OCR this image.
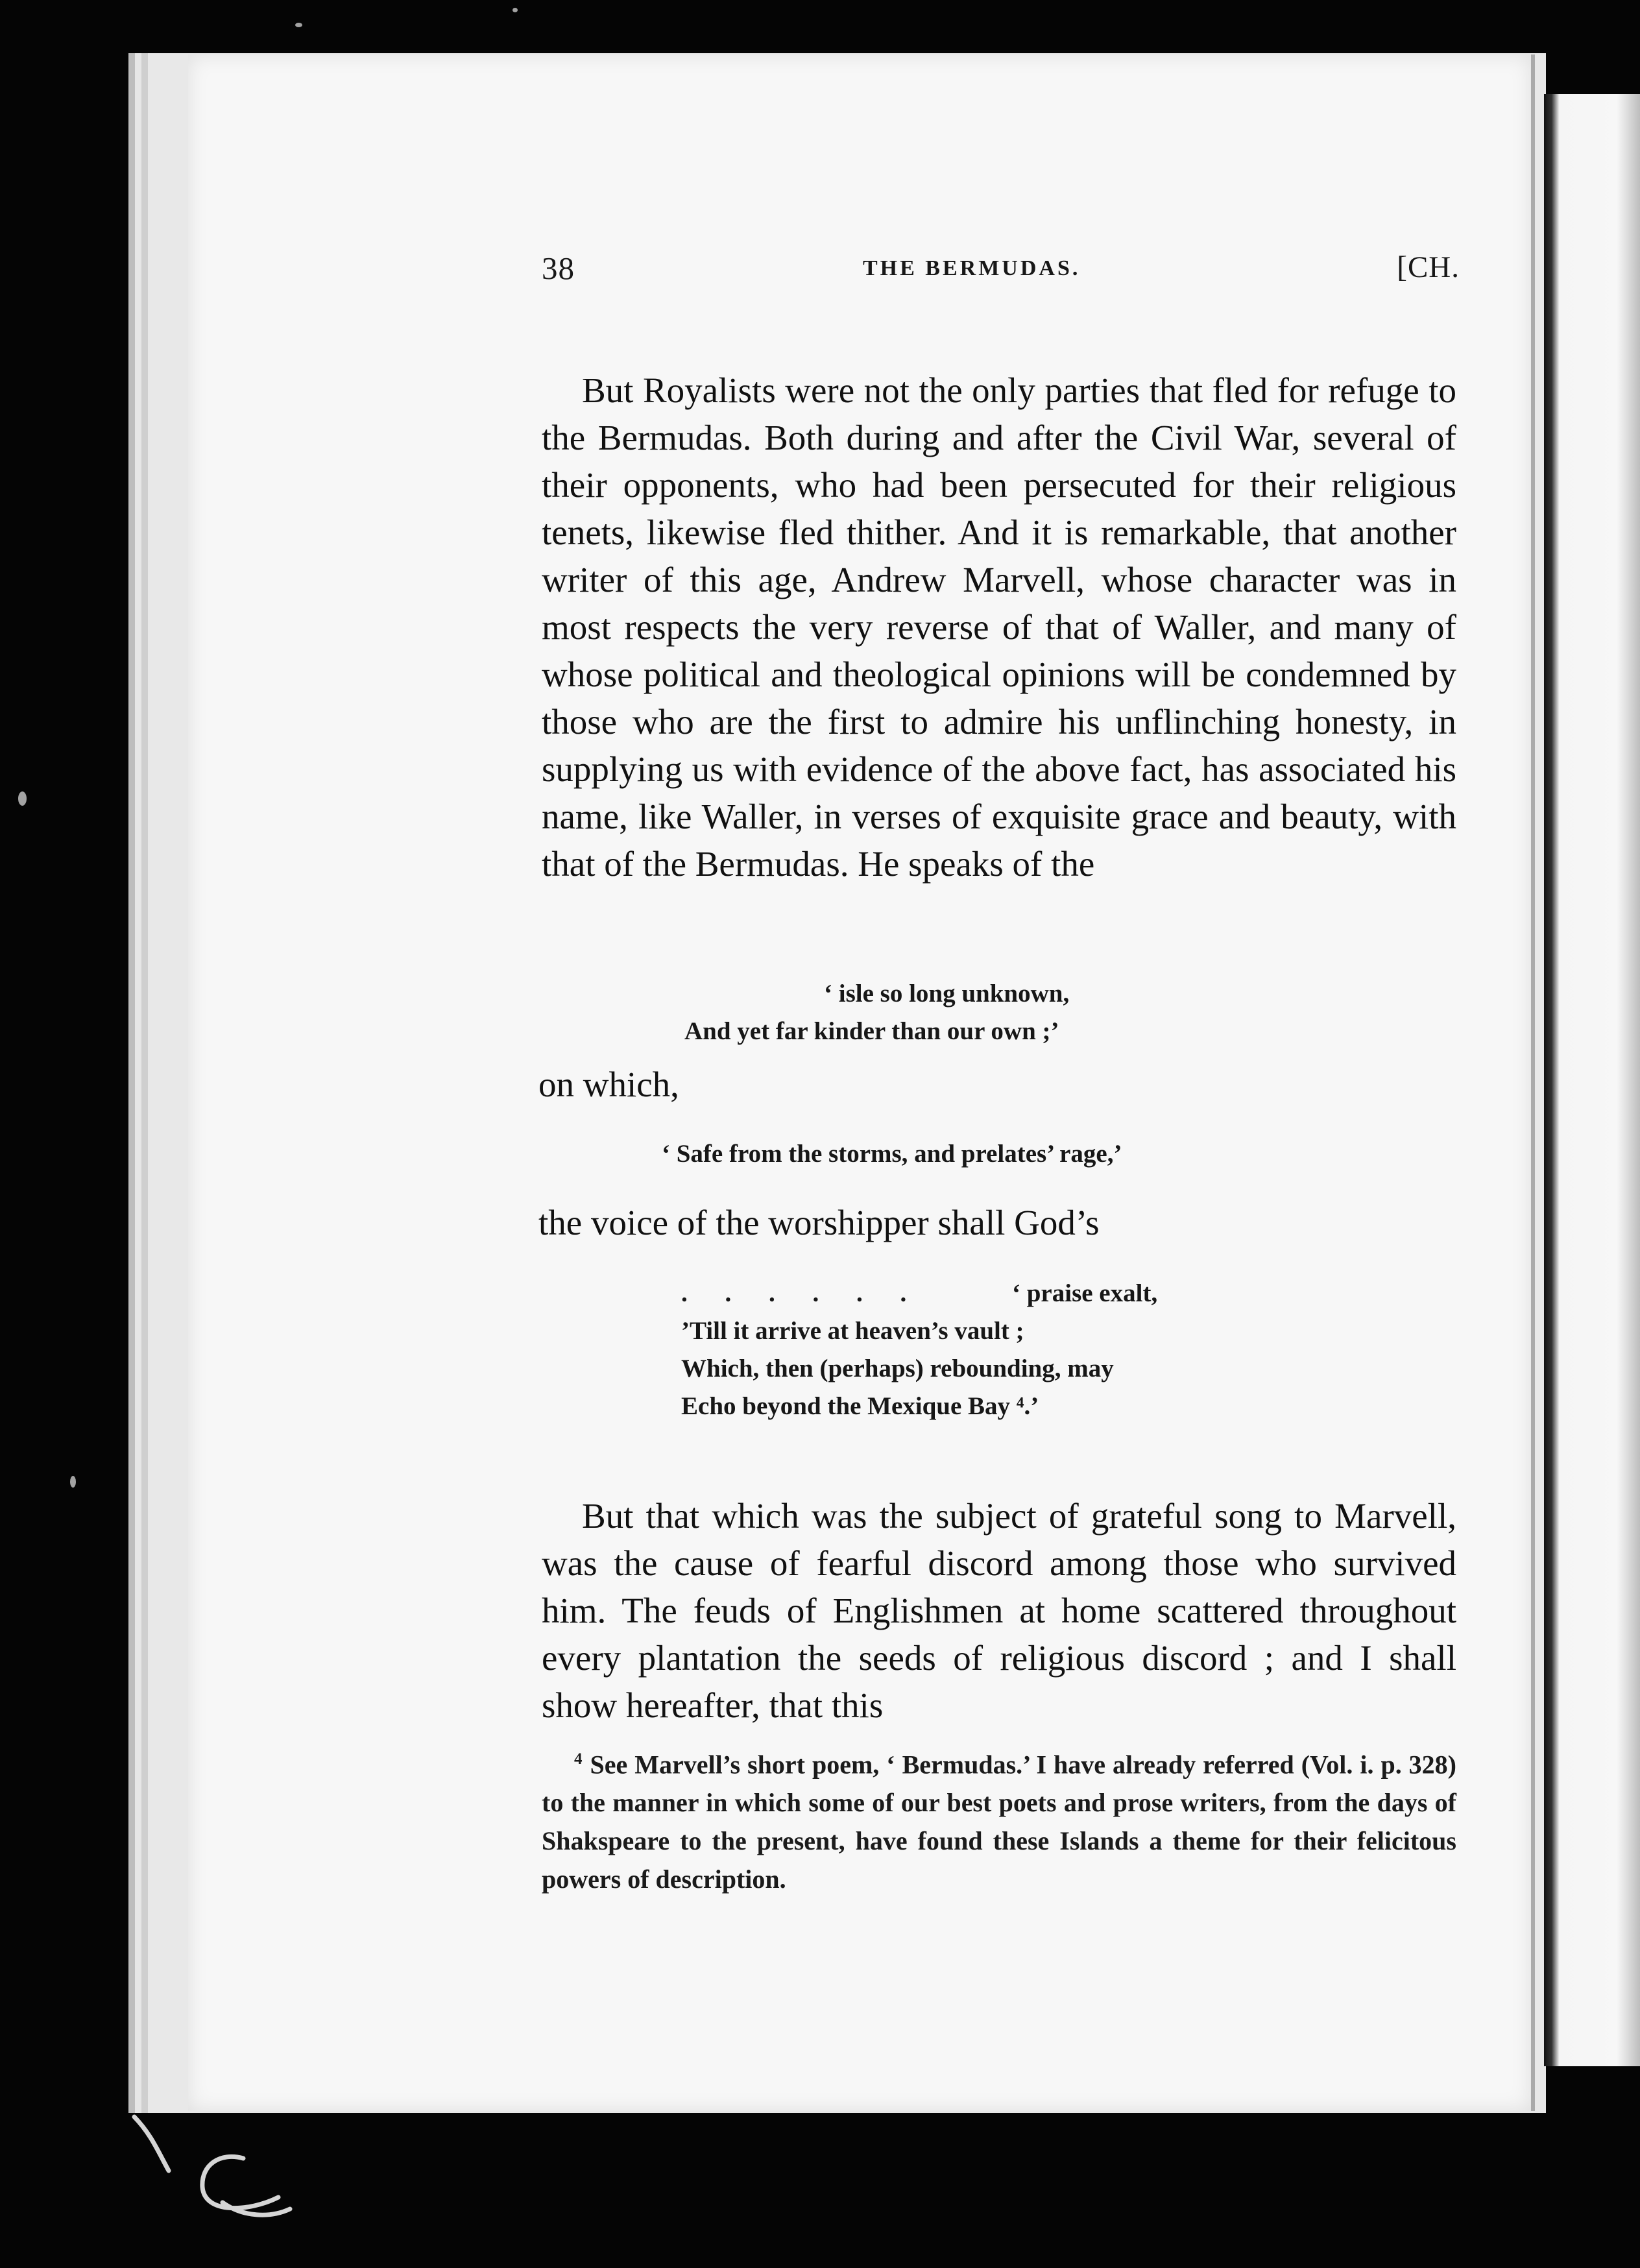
38	THE BERMUDAS.	[CH.

But Royalists were not the only parties that fled for refuge to the Bermudas. Both during and after the Civil War, several of their opponents, who had been persecuted for their religious tenets, likewise fled thither. And it is remarkable, that another writer of this age, Andrew Marvell, whose character was in most respects the very reverse of that of Waller, and many of whose political and theological opinions will be condemned by those who are the first to admire his unflinching honesty, in supplying us with evidence of the above fact, has associated his name, like Waller, in verses of exquisite grace and beauty, with that of the Bermudas. He speaks of the

‘ isle so long unknown,
And yet far kinder than our own ;’
on which,
‘ Safe from the storms, and prelates’ rage,’
the voice of the worshipper shall God’s
. . . . . .	‘ praise exalt,
’Till it arrive at heaven’s vault ;
Which, then (perhaps) rebounding, may
Echo beyond the Mexique Bay ⁴.’

But that which was the subject of grateful song to Marvell, was the cause of fearful discord among those who survived him. The feuds of Englishmen at home scattered throughout every plantation the seeds of religious discord ; and I shall show hereafter, that this

$^4$ See Marvell’s short poem, ‘ Bermudas.’ I have already referred (Vol. i. p. 328) to the manner in which some of our best poets and prose writers, from the days of Shakspeare to the present, have found these Islands a theme for their felicitous powers of description.
